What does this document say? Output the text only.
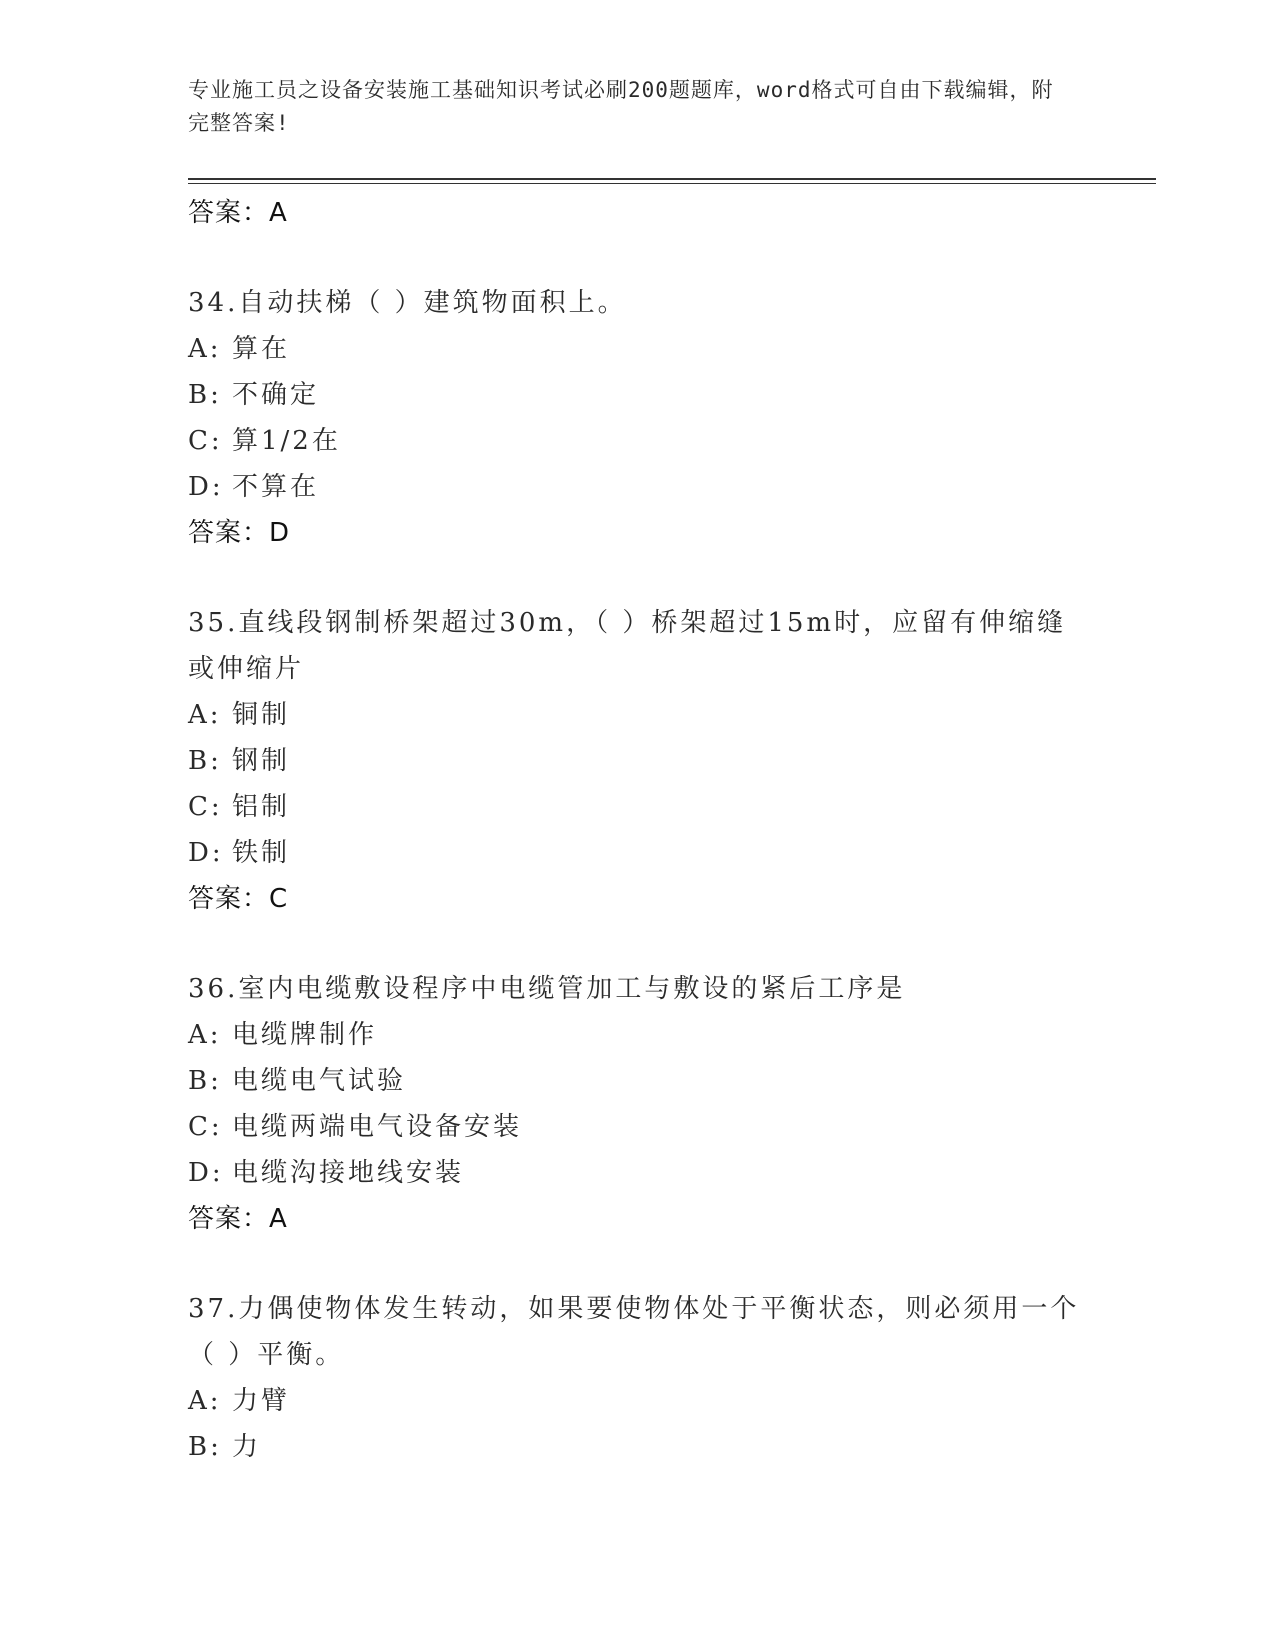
专业施工员之设备安装施工基础知识考试必刷200题题库，word格式可自由下载编辑，附完整答案!
答案：A
34.自动扶梯（ ）建筑物面积上。
A: 算在
B: 不确定
C: 算1/2在
D: 不算在
答案：D
35.直线段钢制桥架超过30m，（ ）桥架超过15m时，应留有伸缩缝或伸缩片
A: 铜制
B: 钢制
C: 铝制
D: 铁制
答案：C
36.室内电缆敷设程序中电缆管加工与敷设的紧后工序是
A: 电缆牌制作
B: 电缆电气试验
C: 电缆两端电气设备安装
D: 电缆沟接地线安装
答案：A
37.力偶使物体发生转动，如果要使物体处于平衡状态，则必须用一个（ ）平衡。
A: 力臂
B: 力
